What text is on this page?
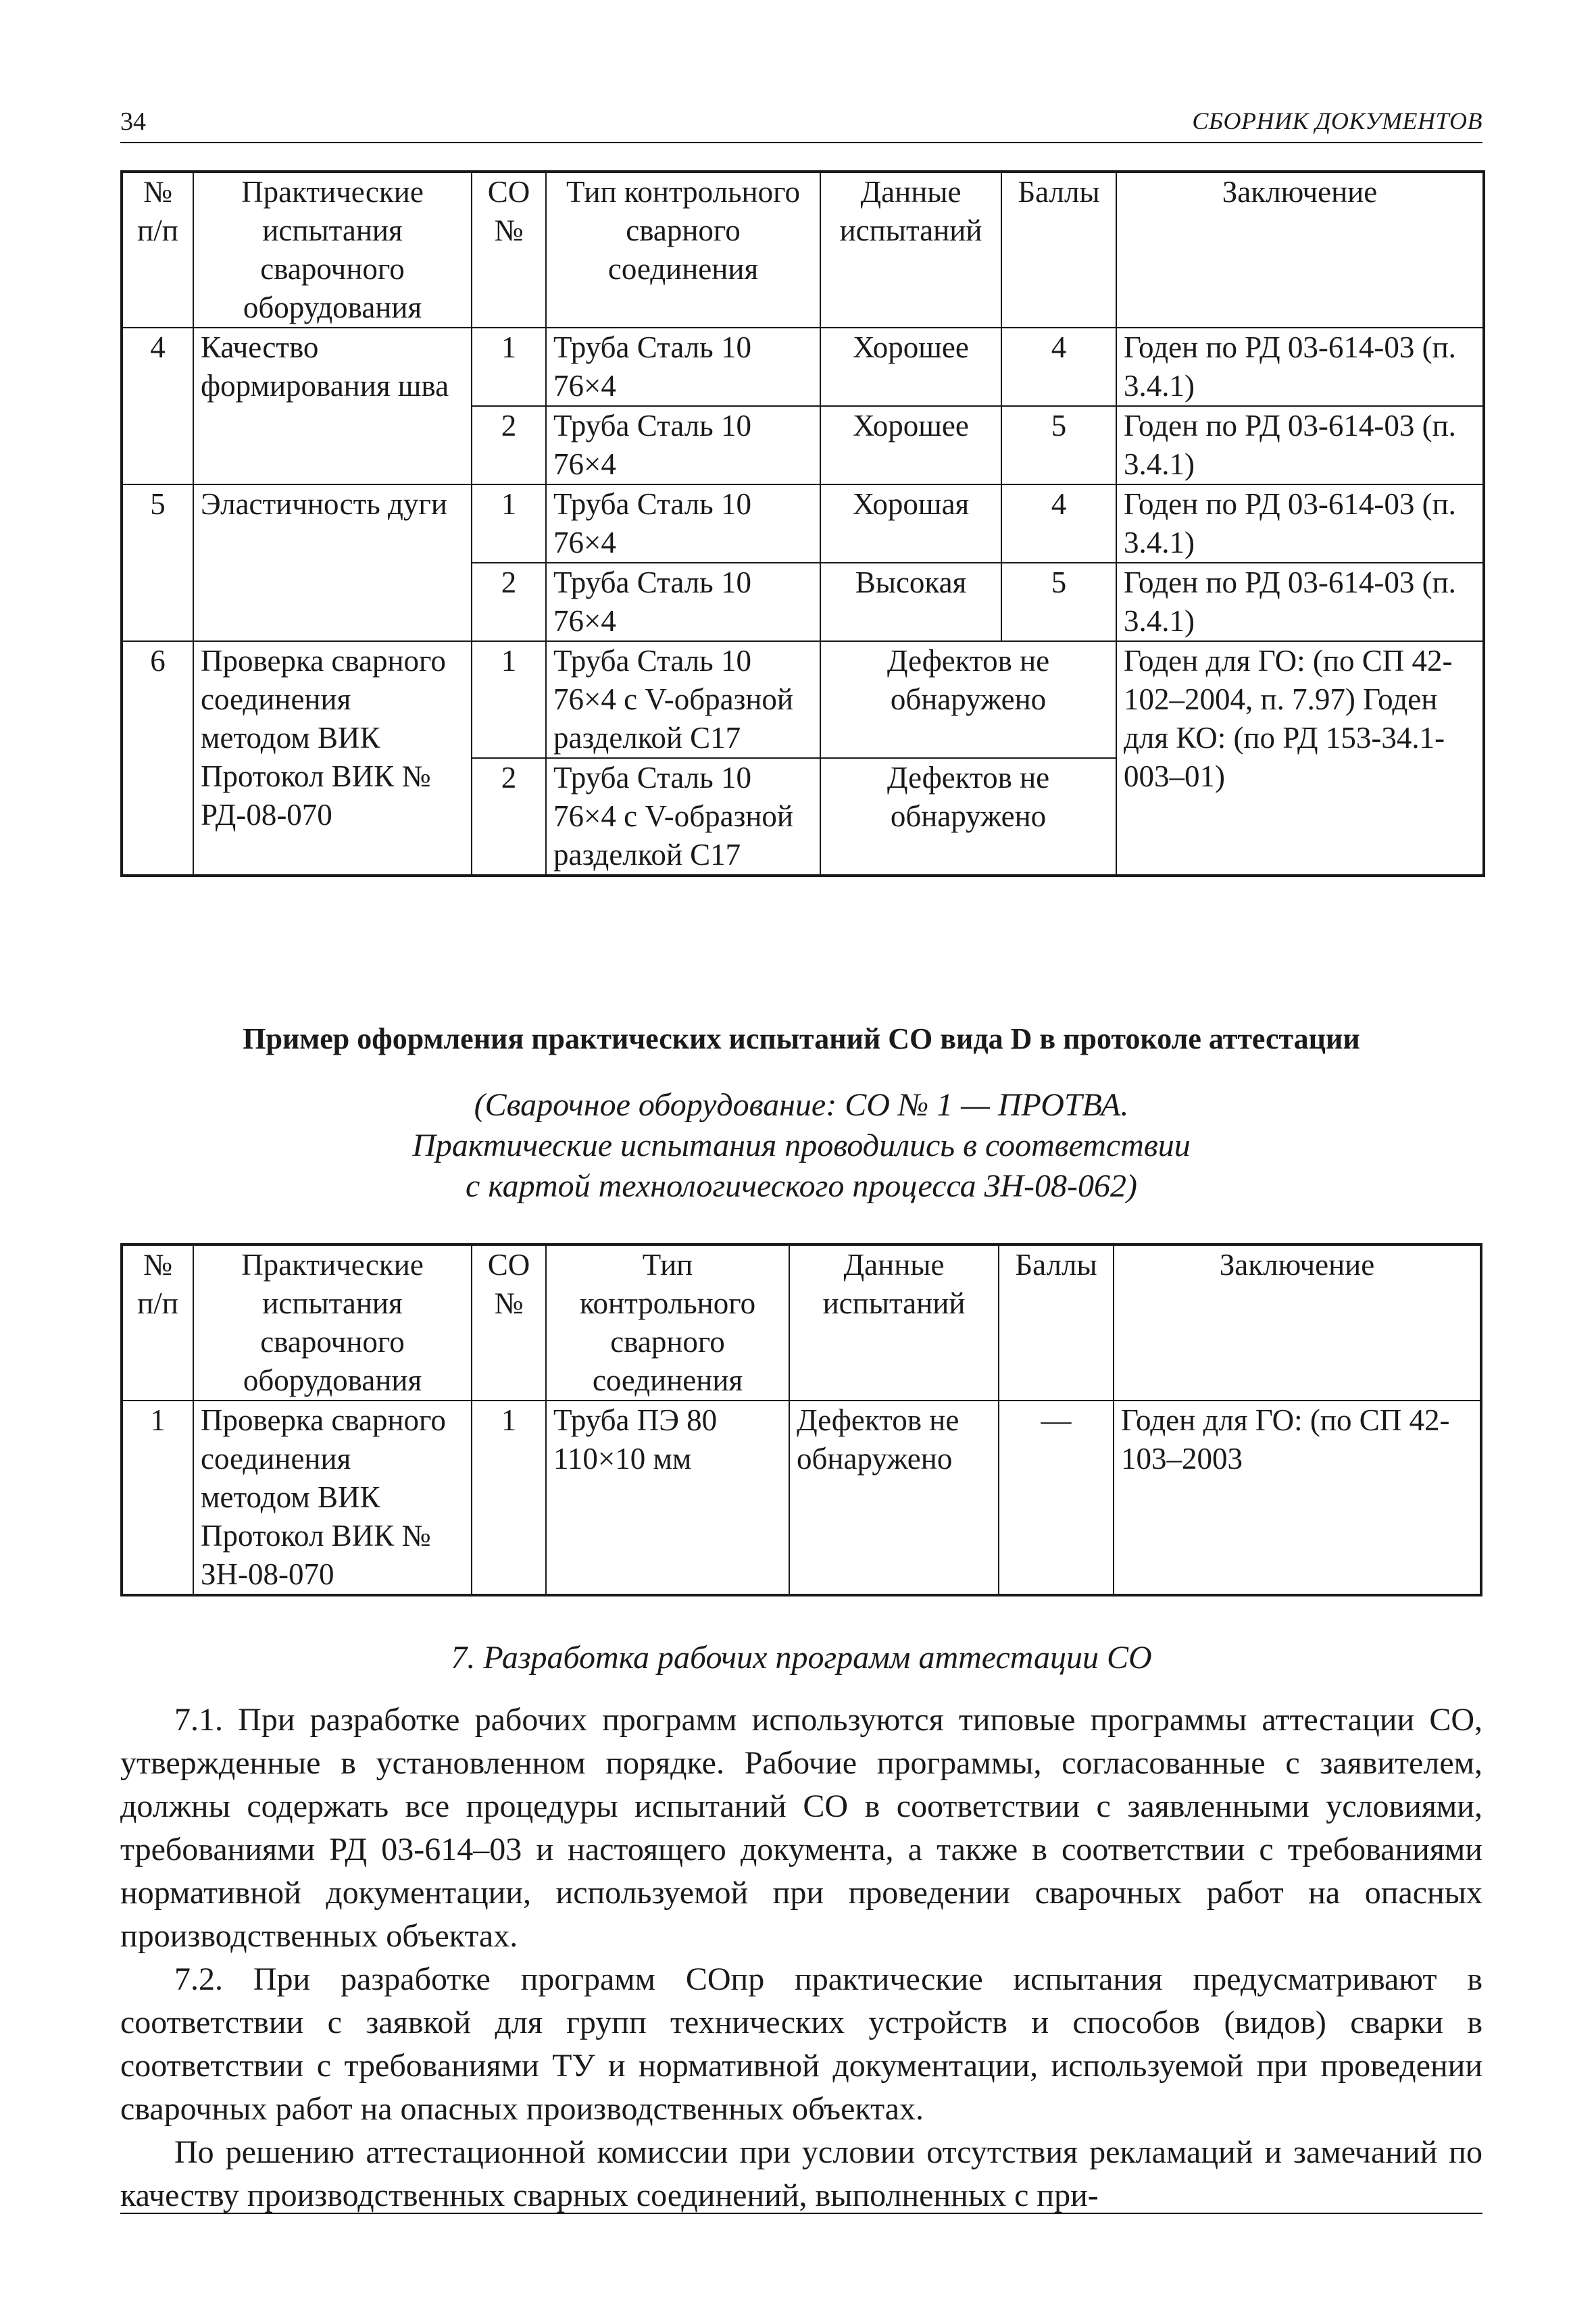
34	СБОРНИК ДОКУМЕНТОВ
№ п/п	Практические испытания сварочного оборудования	СО №	Тип контрольного сварного соединения	Данные испытаний	Баллы	Заключение
4	Качество формирования шва	1	Труба Сталь 10 76×4	Хорошее	4	Годен по РД 03-614-03 (п. 3.4.1)
		2	Труба Сталь 10 76×4	Хорошее	5	Годен по РД 03-614-03 (п. 3.4.1)
5	Эластичность дуги	1	Труба Сталь 10 76×4	Хорошая	4	Годен по РД 03-614-03 (п. 3.4.1)
		2	Труба Сталь 10 76×4	Высокая	5	Годен по РД 03-614-03 (п. 3.4.1)
6	Проверка сварного соединения методом ВИК Протокол ВИК № РД-08-070	1	Труба Сталь 10 76×4 с V-образной разделкой С17	Дефектов не обнаружено		Годен для ГО: (по СП 42-102–2004, п. 7.97) Годен для КО: (по РД 153-34.1-003–01)
		2	Труба Сталь 10 76×4 с V-образной разделкой С17	Дефектов не обнаружено		
Пример оформления практических испытаний СО вида D в протоколе аттестации
(Сварочное оборудование: СО № 1 — ПРОТВА.
Практические испытания проводились в соответствии
с картой технологического процесса ЗН-08-062)
№ п/п	Практические испытания сварочного оборудования	СО №	Тип контрольного сварного соединения	Данные испытаний	Баллы	Заключение
1	Проверка сварного соединения методом ВИК Протокол ВИК № ЗН-08-070	1	Труба ПЭ 80 110×10 мм	Дефектов не обнаружено	—	Годен для ГО: (по СП 42-103–2003
7. Разработка рабочих программ аттестации СО

7.1. При разработке рабочих программ используются типовые программы аттестации СО, утвержденные в установленном порядке. Рабочие программы, согласованные с заявителем, должны содержать все процедуры испытаний СО в соответствии с заявленными условиями, требованиями РД 03-614–03 и настоящего документа, а также в соответствии с требованиями нормативной документации, используемой при проведении сварочных работ на опасных производственных объектах.

7.2. При разработке программ СОпр практические испытания предусматривают в соответствии с заявкой для групп технических устройств и способов (видов) сварки в соответствии с требованиями ТУ и нормативной документации, используемой при проведении сварочных работ на опасных производственных объектах.

По решению аттестационной комиссии при условии отсутствия рекламаций и замечаний по качеству производственных сварных соединений, выполненных с при-
